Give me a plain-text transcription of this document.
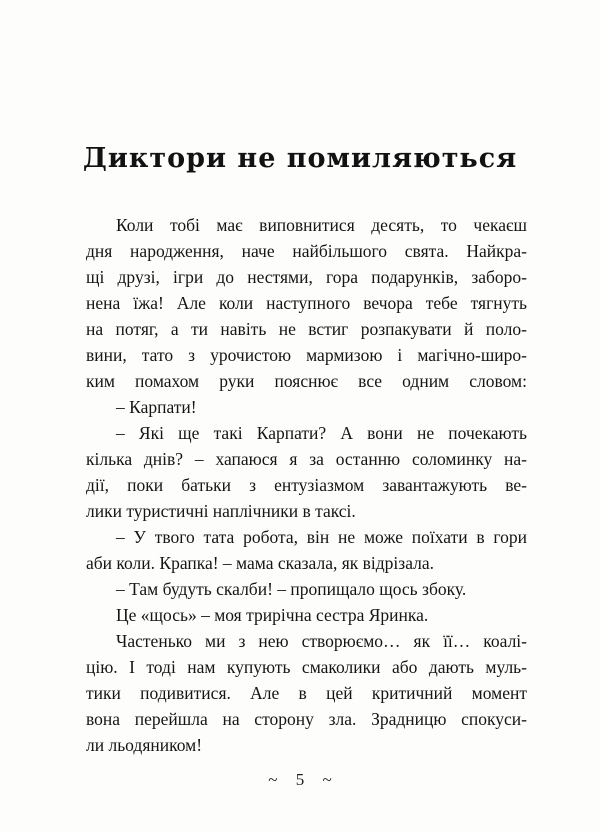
Диктори не помиляються
Коли тобі має виповнитися десять, то чекаєш
дня народження, наче найбільшого свята. Найкра-
щі друзі, ігри до нестями, гора подарунків, заборо-
нена їжа! Але коли наступного вечора тебе тягнуть
на потяг, а ти навіть не встиг розпакувати й поло-
вини, тато з урочистою мармизою і магічно-широ-
ким помахом руки пояснює все одним словом:
– Карпати!
– Які ще такі Карпати? А вони не почекають
кілька днів? – хапаюся я за останню соломинку на-
дії, поки батьки з ентузіазмом завантажують ве-
лики туристичні наплічники в таксі.
– У твого тата робота, він не може поїхати в гори
аби коли. Крапка! – мама сказала, як відрізала.
– Там будуть скалби! – пропищало щось збоку.
Це «щось» – моя трирічна сестра Яринка.
Частенько ми з нею створюємо… як її… коалі-
цію. І тоді нам купують смаколики або дають муль-
тики подивитися. Але в цей критичний момент
вона перейшла на сторону зла. Зрадницю спокуси-
ли льодяником!
~ 5 ~
